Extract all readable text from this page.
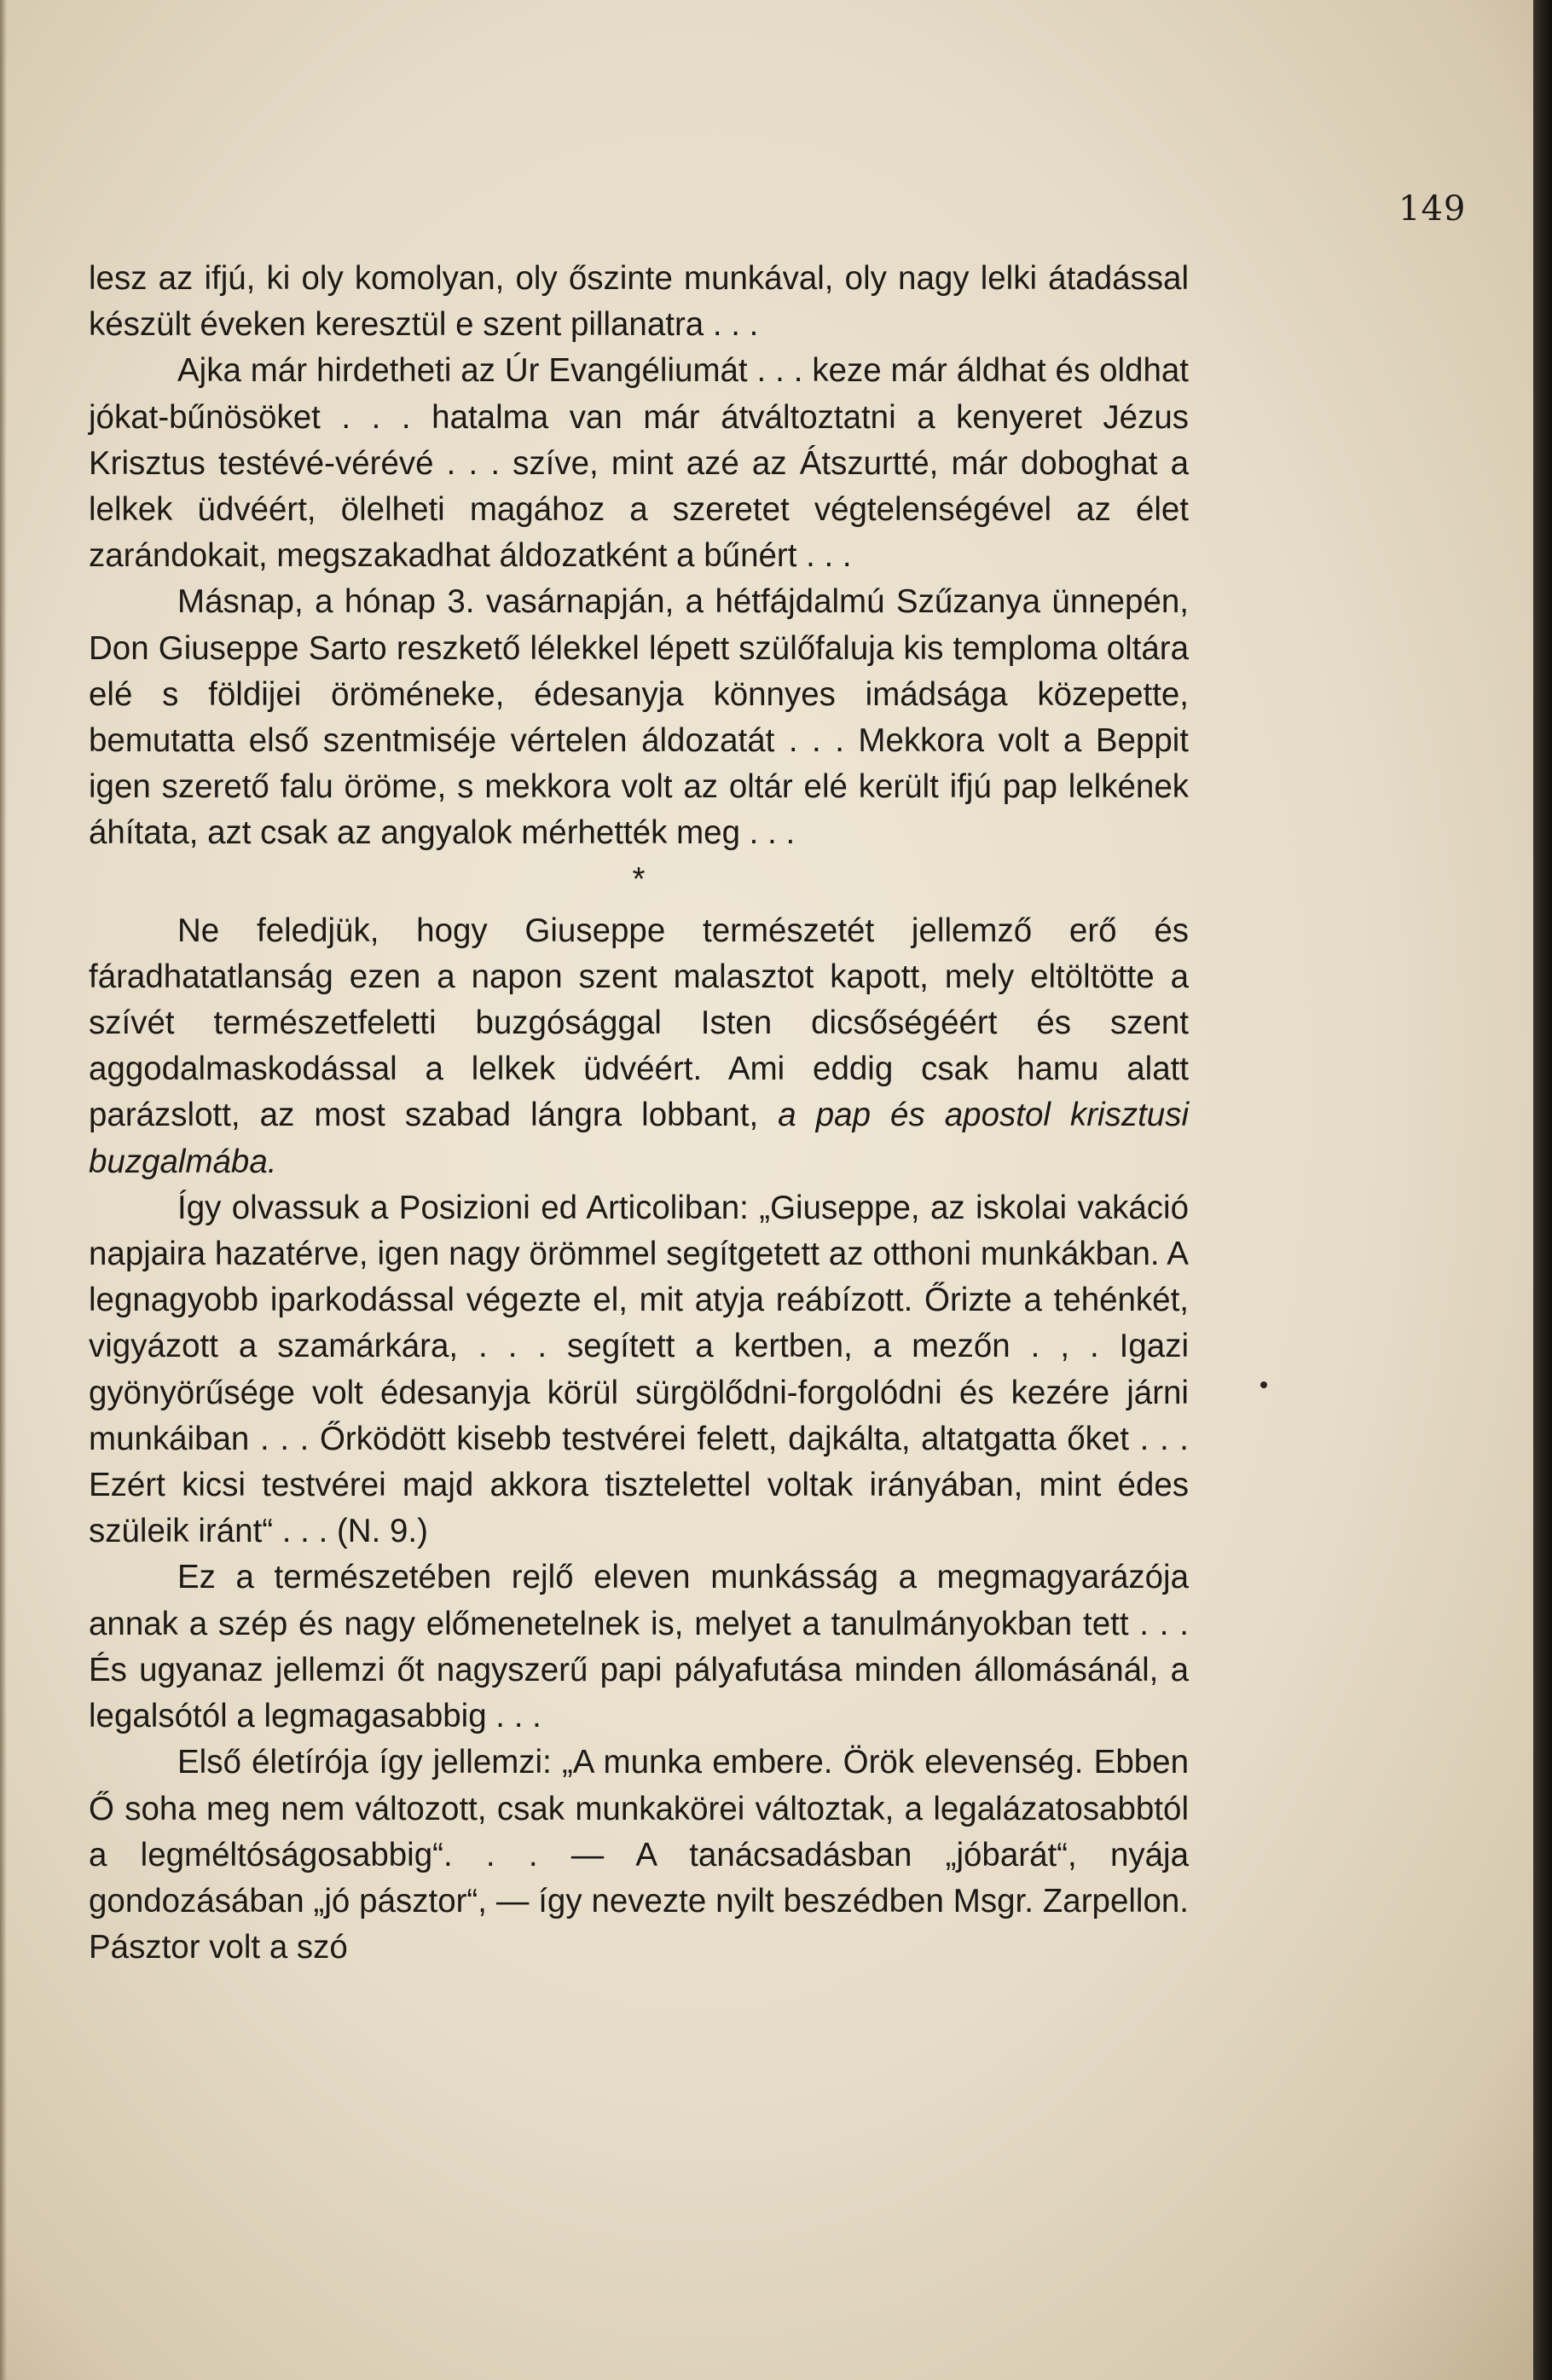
149

lesz az ifjú, ki oly komolyan, oly őszinte munkával, oly nagy lelki átadással készült éveken keresztül e szent pillanatra . . .

Ajka már hirdetheti az Úr Evangéliumát . . . keze már áldhat és oldhat jókat-bűnösöket . . . hatalma van már átváltoztatni a kenyeret Jézus Krisztus testévé-vérévé . . . szíve, mint azé az Átszurtté, már doboghat a lelkek üdvéért, ölelheti magához a szeretet végtelenségével az élet zarándokait, megszakadhat áldozatként a bűnért . . .

Másnap, a hónap 3. vasárnapján, a hétfájdalmú Szűzanya ünnepén, Don Giuseppe Sarto reszkető lélekkel lépett szülőfaluja kis temploma oltára elé s földijei öröméneke, édesanyja könnyes imádsága közepette, bemutatta első szentmiséje vértelen áldozatát . . . Mekkora volt a Beppit igen szerető falu öröme, s mekkora volt az oltár elé került ifjú pap lelkének áhítata, azt csak az angyalok mérhették meg . . .

*

Ne feledjük, hogy Giuseppe természetét jellemző erő és fáradhatatlanság ezen a napon szent malasztot kapott, mely eltöltötte a szívét természetfeletti buzgósággal Isten dicsőségéért és szent aggodalmaskodással a lelkek üdvéért. Ami eddig csak hamu alatt parázslott, az most szabad lángra lobbant, a pap és apostol krisztusi buzgalmába.

Így olvassuk a Posizioni ed Articoliban: „Giuseppe, az iskolai vakáció napjaira hazatérve, igen nagy örömmel segítgetett az otthoni munkákban. A legnagyobb iparkodással végezte el, mit atyja reábízott. Őrizte a tehénkét, vigyázott a szamárkára, . . . segített a kertben, a mezőn . , . Igazi gyönyörűsége volt édesanyja körül sürgölődni-forgolódni és kezére járni munkáiban . . . Őrködött kisebb testvérei felett, dajkálta, altatgatta őket . . . Ezért kicsi testvérei majd akkora tisztelettel voltak irányában, mint édes szüleik iránt“ . . . (N. 9.)

Ez a természetében rejlő eleven munkásság a megmagyarázója annak a szép és nagy előmenetelnek is, melyet a tanulmányokban tett . . . És ugyanaz jellemzi őt nagyszerű papi pályafutása minden állomásánál, a legalsótól a legmagasabbig . . .

Első életírója így jellemzi: „A munka embere. Örök elevenség. Ebben Ő soha meg nem változott, csak munkakörei változtak, a legalázatosabbtól a legméltóságosabbig“. . . — A tanácsadásban „jóbarát“, nyája gondozásában „jó pásztor“, — így nevezte nyilt beszédben Msgr. Zarpellon. Pásztor volt a szó
